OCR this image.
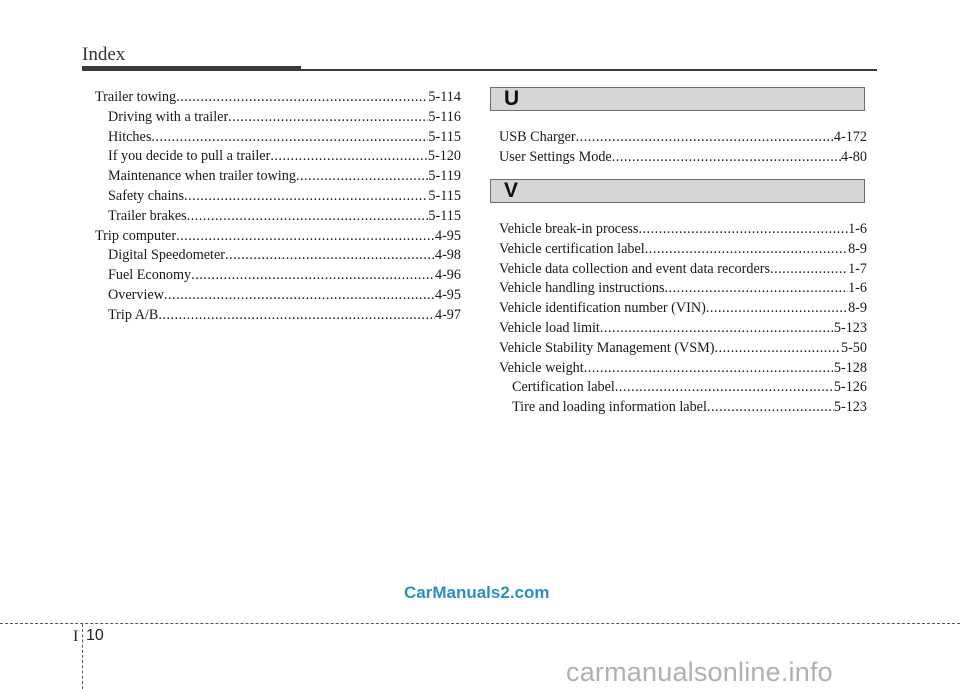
Index
Trailer towing .....	5-114
Driving with a trailer .....	5-116
Hitches .....	5-115
If you decide to pull a trailer .....	5-120
Maintenance when trailer towing .....	5-119
Safety chains .....	5-115
Trailer brakes .....	5-115
Trip computer .....	4-95
Digital Speedometer .....	4-98
Fuel Economy .....	4-96
Overview .....	4-95
Trip A/B .....	4-97
U
USB Charger .....	4-172
User Settings Mode .....	4-80
V
Vehicle break-in process .....	1-6
Vehicle certification label .....	8-9
Vehicle data collection and event data recorders .....	1-7
Vehicle handling instructions .....	1-6
Vehicle identification number (VIN) .....	8-9
Vehicle load limit .....	5-123
Vehicle Stability Management (VSM) .....	5-50
Vehicle weight .....	5-128
Certification label .....	5-126
Tire and loading information label .....	5-123
CarManuals2.com
I 10
carmanualsonline.info
